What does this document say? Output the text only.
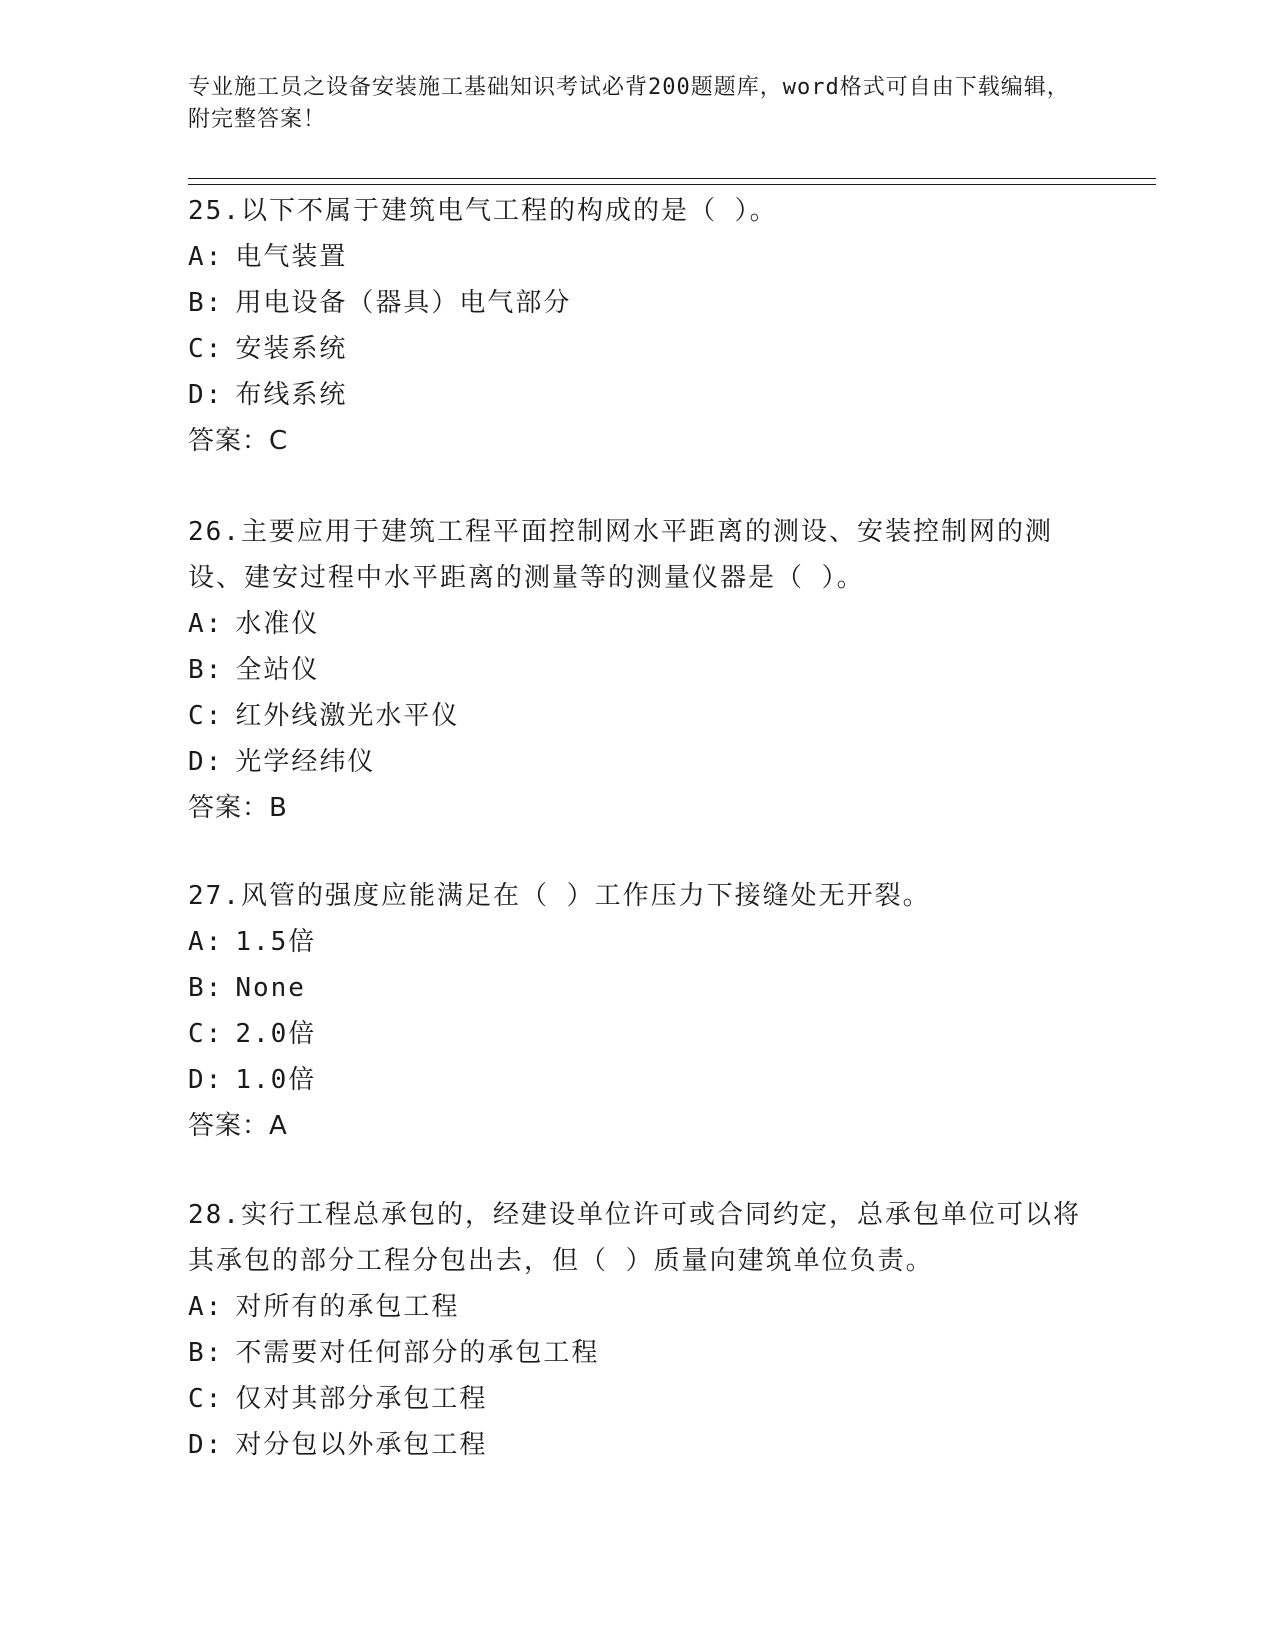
专业施工员之设备安装施工基础知识考试必背200题题库，word格式可自由下载编辑，附完整答案！

25.以下不属于建筑电气工程的构成的是（ ）。

A: 电气装置

B: 用电设备（器具）电气部分

C: 安装系统

D: 布线系统

答案：C

26.主要应用于建筑工程平面控制网水平距离的测设、安装控制网的测设、建安过程中水平距离的测量等的测量仪器是（ ）。

A: 水准仪

B: 全站仪

C: 红外线激光水平仪

D: 光学经纬仪

答案：B

27.风管的强度应能满足在（ ）工作压力下接缝处无开裂。

A: 1.5倍

B: None

C: 2.0倍

D: 1.0倍

答案：A

28.实行工程总承包的，经建设单位许可或合同约定，总承包单位可以将其承包的部分工程分包出去，但（ ）质量向建筑单位负责。

A: 对所有的承包工程

B: 不需要对任何部分的承包工程

C: 仅对其部分承包工程

D: 对分包以外承包工程
